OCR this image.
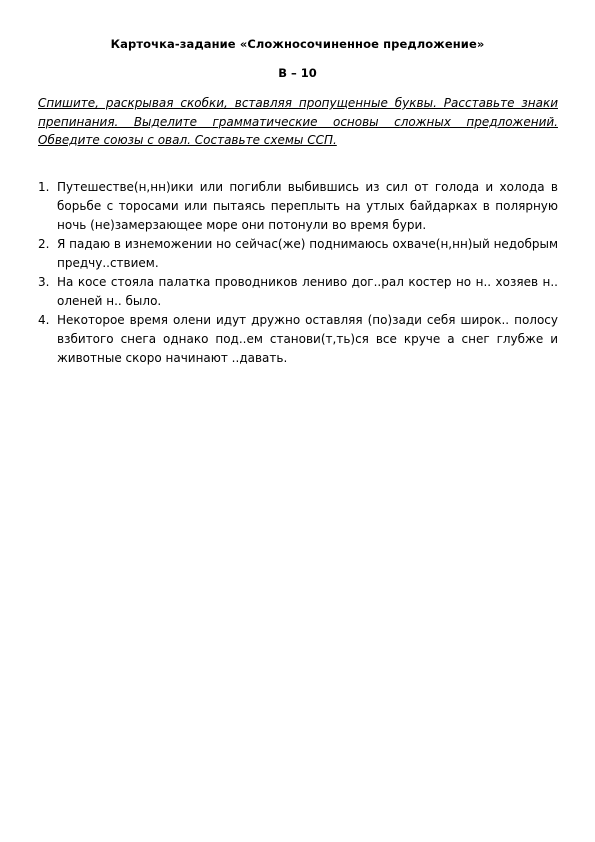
Карточка-задание «Сложносочиненное предложение»
В – 10
Спишите, раскрывая скобки, вставляя пропущенные буквы. Расставьте знаки препинания. Выделите грамматические основы сложных предложений. Обведите союзы с овал. Составьте схемы ССП.
1. Путешестве(н,нн)ики или погибли выбившись из сил от голода и холода в борьбе с торосами или пытаясь переплыть на утлых байдарках в полярную ночь (не)замерзающее море они потонули во время бури.
2. Я падаю в изнеможении но сейчас(же) поднимаюсь охваче(н,нн)ый недобрым предчу..ствием.
3. На косе стояла палатка проводников лениво дог..рал костер но н.. хозяев н.. оленей н.. было.
4. Некоторое время олени идут дружно оставляя (по)зади себя широк.. полосу взбитого снега однако под..ем станови(т,ть)ся все круче а снег глубже и животные скоро начинают ..давать.
